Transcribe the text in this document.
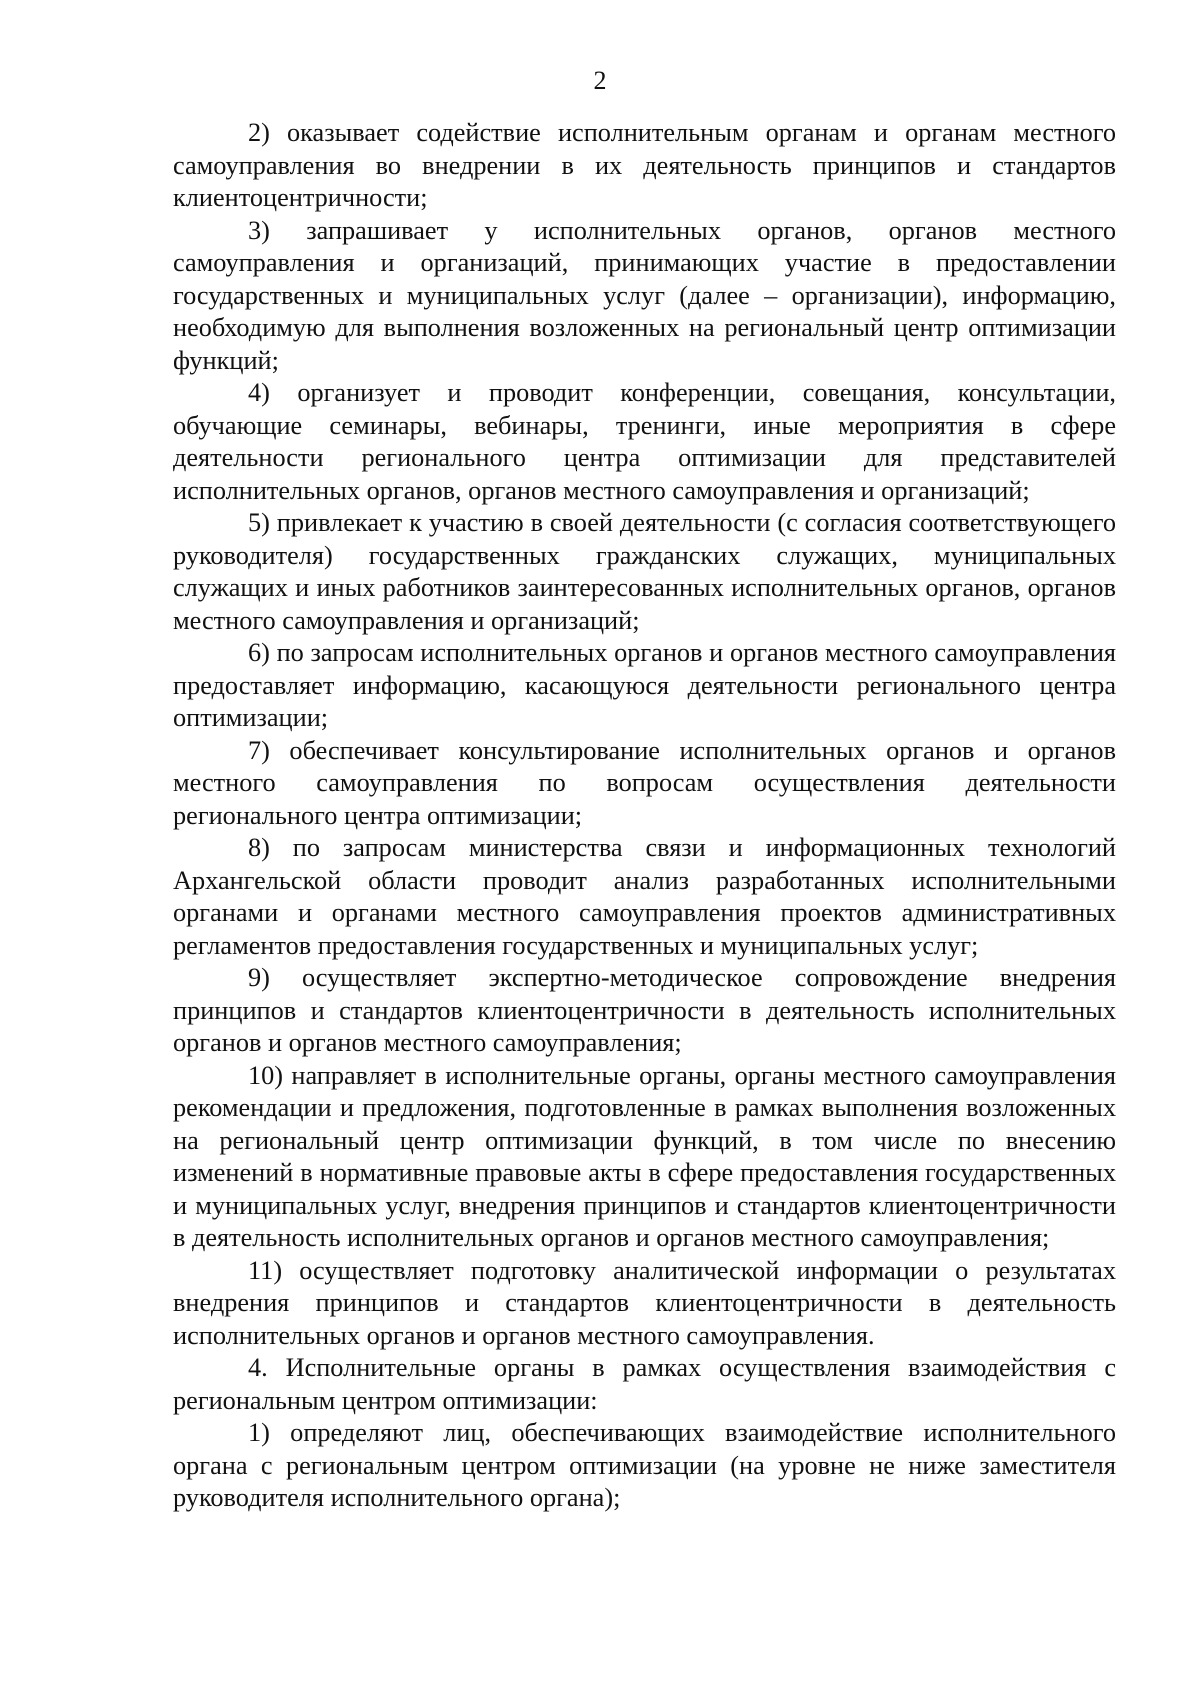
2

2) оказывает содействие исполнительным органам и органам местного самоуправления во внедрении в их деятельность принципов и стандартов клиентоцентричности;

3) запрашивает у исполнительных органов, органов местного самоуправления и организаций, принимающих участие в предоставлении государственных и муниципальных услуг (далее – организации), информацию, необходимую для выполнения возложенных на региональный центр оптимизации функций;

4) организует и проводит конференции, совещания, консультации, обучающие семинары, вебинары, тренинги, иные мероприятия в сфере деятельности регионального центра оптимизации для представителей исполнительных органов, органов местного самоуправления и организаций;

5) привлекает к участию в своей деятельности (с согласия соответствующего руководителя) государственных гражданских служащих, муниципальных служащих и иных работников заинтересованных исполнительных органов, органов местного самоуправления и организаций;

6) по запросам исполнительных органов и органов местного самоуправления предоставляет информацию, касающуюся деятельности регионального центра оптимизации;

7) обеспечивает консультирование исполнительных органов и органов местного самоуправления по вопросам осуществления деятельности регионального центра оптимизации;

8) по запросам министерства связи и информационных технологий Архангельской области проводит анализ разработанных исполнительными органами и органами местного самоуправления проектов административных регламентов предоставления государственных и муниципальных услуг;

9) осуществляет экспертно-методическое сопровождение внедрения принципов и стандартов клиентоцентричности в деятельность исполнительных органов и органов местного самоуправления;

10) направляет в исполнительные органы, органы местного самоуправления рекомендации и предложения, подготовленные в рамках выполнения возложенных на региональный центр оптимизации функций, в том числе по внесению изменений в нормативные правовые акты в сфере предоставления государственных и муниципальных услуг, внедрения принципов и стандартов клиентоцентричности в деятельность исполнительных органов и органов местного самоуправления;

11) осуществляет подготовку аналитической информации о результатах внедрения принципов и стандартов клиентоцентричности в деятельность исполнительных органов и органов местного самоуправления.

4. Исполнительные органы в рамках осуществления взаимодействия с региональным центром оптимизации:

1) определяют лиц, обеспечивающих взаимодействие исполнительного органа с региональным центром оптимизации (на уровне не ниже заместителя руководителя исполнительного органа);
